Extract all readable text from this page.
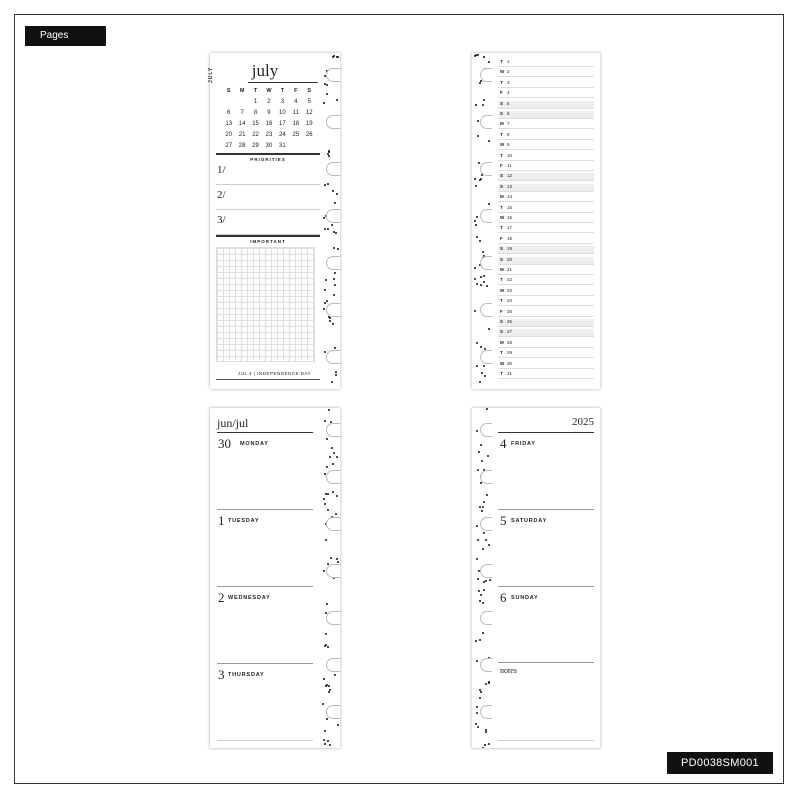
Pages
JULY	july
S	M	T	W	T	F	S
		1	2	3	4	5
6	7	8	9	10	11	12
13	14	15	16	17	18	19
20	21	22	23	24	25	26
27	28	29	30	31		
PRIORITIES
1/
2/
3/
IMPORTANT
JUL 4 | INDEPENDENCE DAY
T 1
W 2
T 3
F 4
S 5
S 6
M 7
T 8
W 9
T 10
F 11
S 12
S 13
M 14
T 15
W 16
T 17
F 18
S 19
S 20
M 21
T 22
W 23
T 24
F 25
S 26
S 27
M 28
T 29
W 30
T 31
jun/jul
30 MONDAY
1 TUESDAY
2 WEDNESDAY
3 THURSDAY
2025
4 FRIDAY
5 SATURDAY
6 SUNDAY
notes
PD0038SM001
